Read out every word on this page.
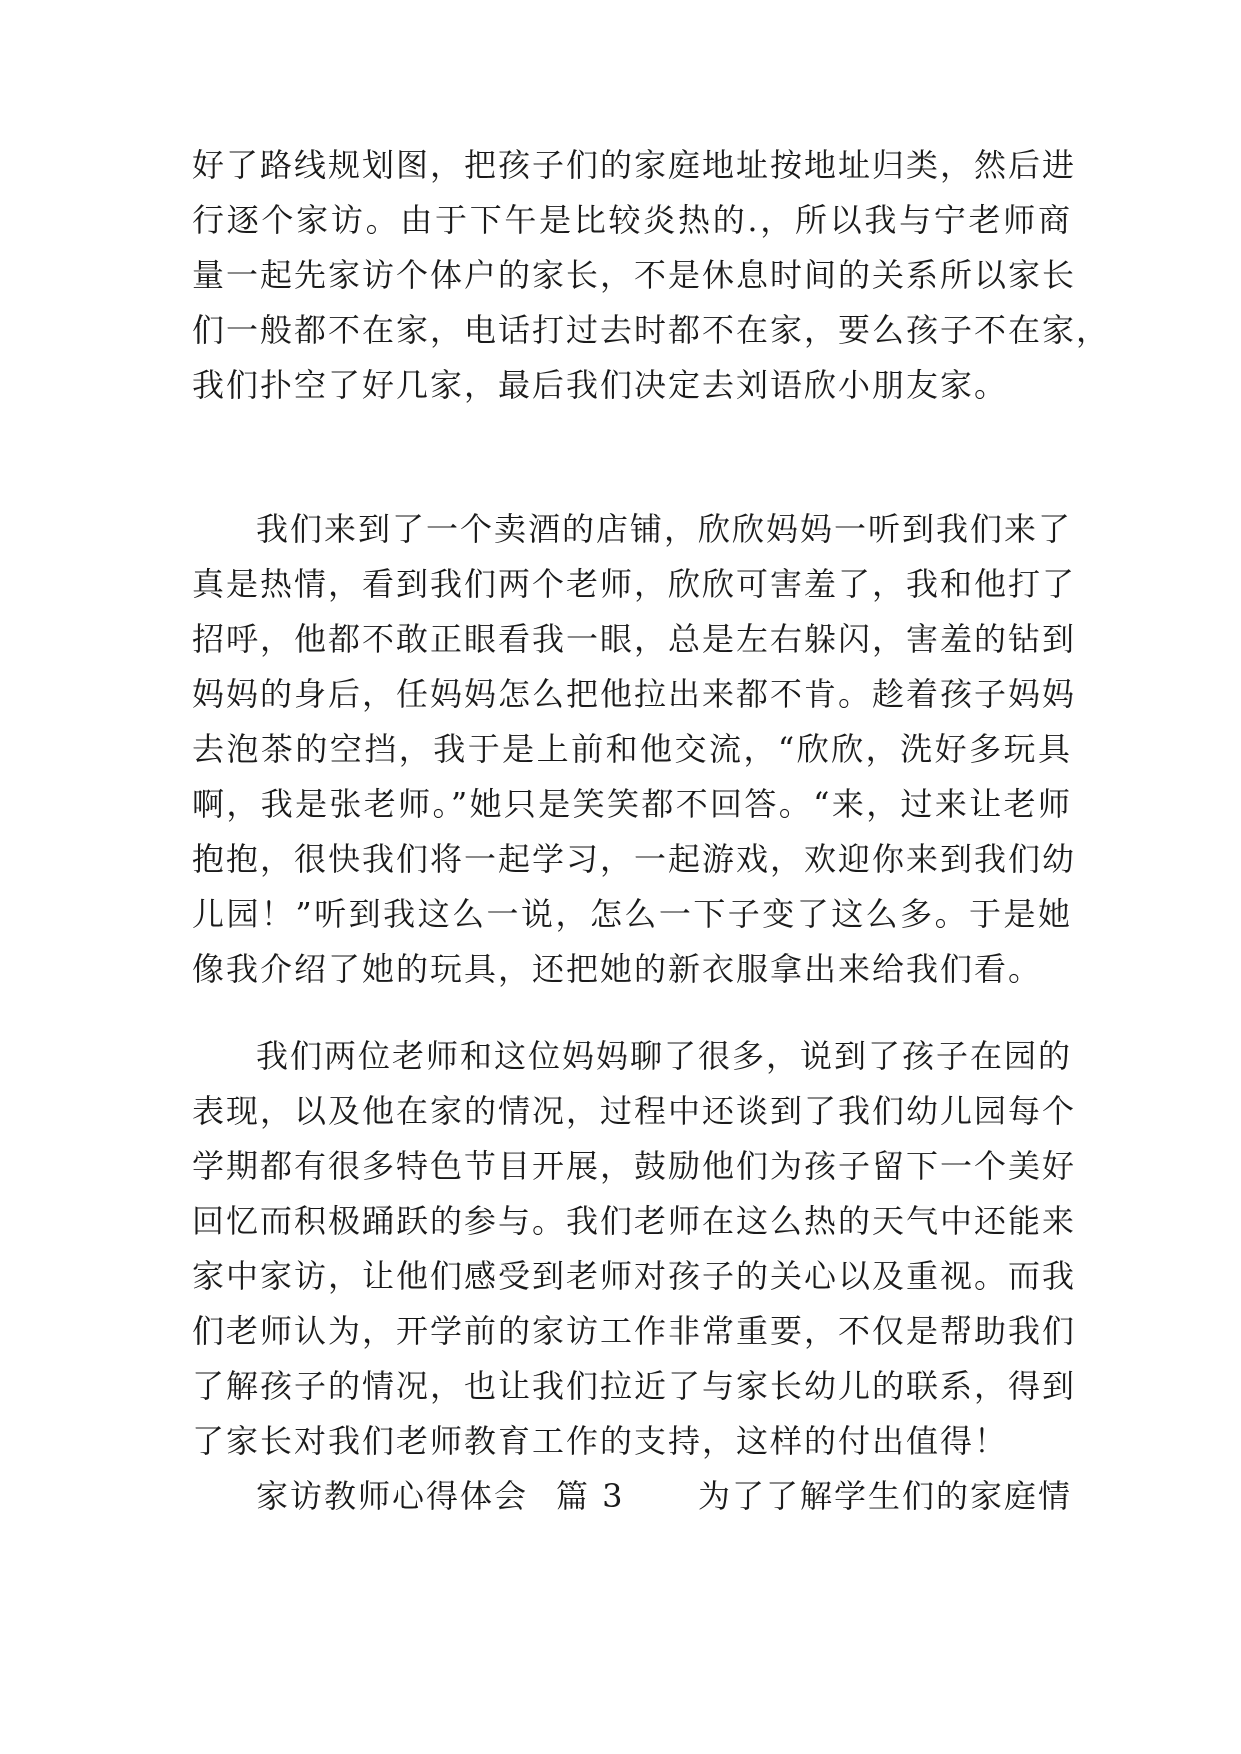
好了路线规划图，把孩子们的家庭地址按地址归类，然后进
行逐个家访。由于下午是比较炎热的.，所以我与宁老师商
量一起先家访个体户的家长，不是休息时间的关系所以家长
们一般都不在家，电话打过去时都不在家，要么孩子不在家，
我们扑空了好几家，最后我们决定去刘语欣小朋友家。
我们来到了一个卖酒的店铺，欣欣妈妈一听到我们来了
真是热情，看到我们两个老师，欣欣可害羞了，我和他打了
招呼，他都不敢正眼看我一眼，总是左右躲闪，害羞的钻到
妈妈的身后，任妈妈怎么把他拉出来都不肯。趁着孩子妈妈
去泡茶的空挡，我于是上前和他交流，“欣欣，洗好多玩具
啊，我是张老师。”她只是笑笑都不回答。“来，过来让老师
抱抱，很快我们将一起学习，一起游戏，欢迎你来到我们幼
儿园！”听到我这么一说，怎么一下子变了这么多。于是她
像我介绍了她的玩具，还把她的新衣服拿出来给我们看。
我们两位老师和这位妈妈聊了很多，说到了孩子在园的
表现，以及他在家的情况，过程中还谈到了我们幼儿园每个
学期都有很多特色节目开展，鼓励他们为孩子留下一个美好
回忆而积极踊跃的参与。我们老师在这么热的天气中还能来
家中家访，让他们感受到老师对孩子的关心以及重视。而我
们老师认为，开学前的家访工作非常重要，不仅是帮助我们
了解孩子的情况，也让我们拉近了与家长幼儿的联系，得到
了家长对我们老师教育工作的支持，这样的付出值得！
家访教师心得体会 篇 3 为了了解学生们的家庭情
